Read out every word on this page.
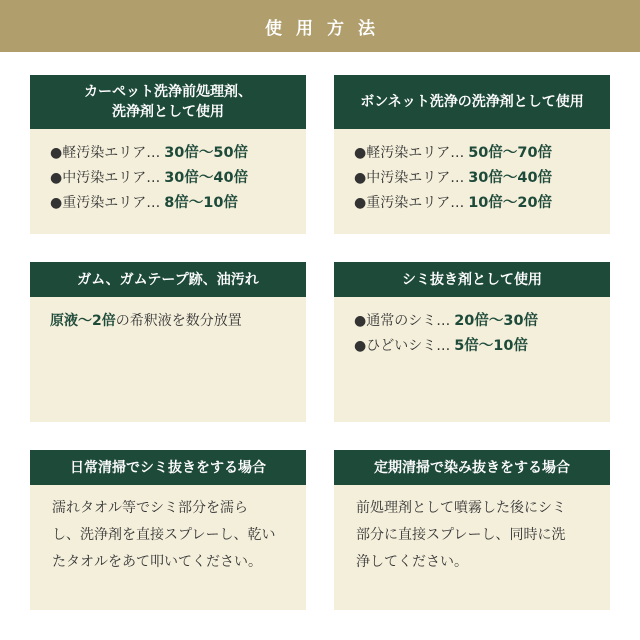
使用方法
カーペット洗浄前処理剤、
洗浄剤として使用
●軽汚染エリア… 30倍〜50倍
●中汚染エリア… 30倍〜40倍
●重汚染エリア… 8倍〜10倍
ボンネット洗浄の洗浄剤として使用
●軽汚染エリア… 50倍〜70倍
●中汚染エリア… 30倍〜40倍
●重汚染エリア… 10倍〜20倍
ガム、ガムテープ跡、油汚れ
原液〜2倍 の希釈液を数分放置
シミ抜き剤として使用
●通常のシミ… 20倍〜30倍
●ひどいシミ… 5倍〜10倍
日常清掃でシミ抜きをする場合

濡れタオル等でシミ部分を濡ら

し、洗浄剤を直接スプレーし、乾い

たタオルをあて叩いてください。

定期清掃で染み抜きをする場合

前処理剤として噴霧した後にシミ

部分に直接スプレーし、同時に洗

浄してください。
